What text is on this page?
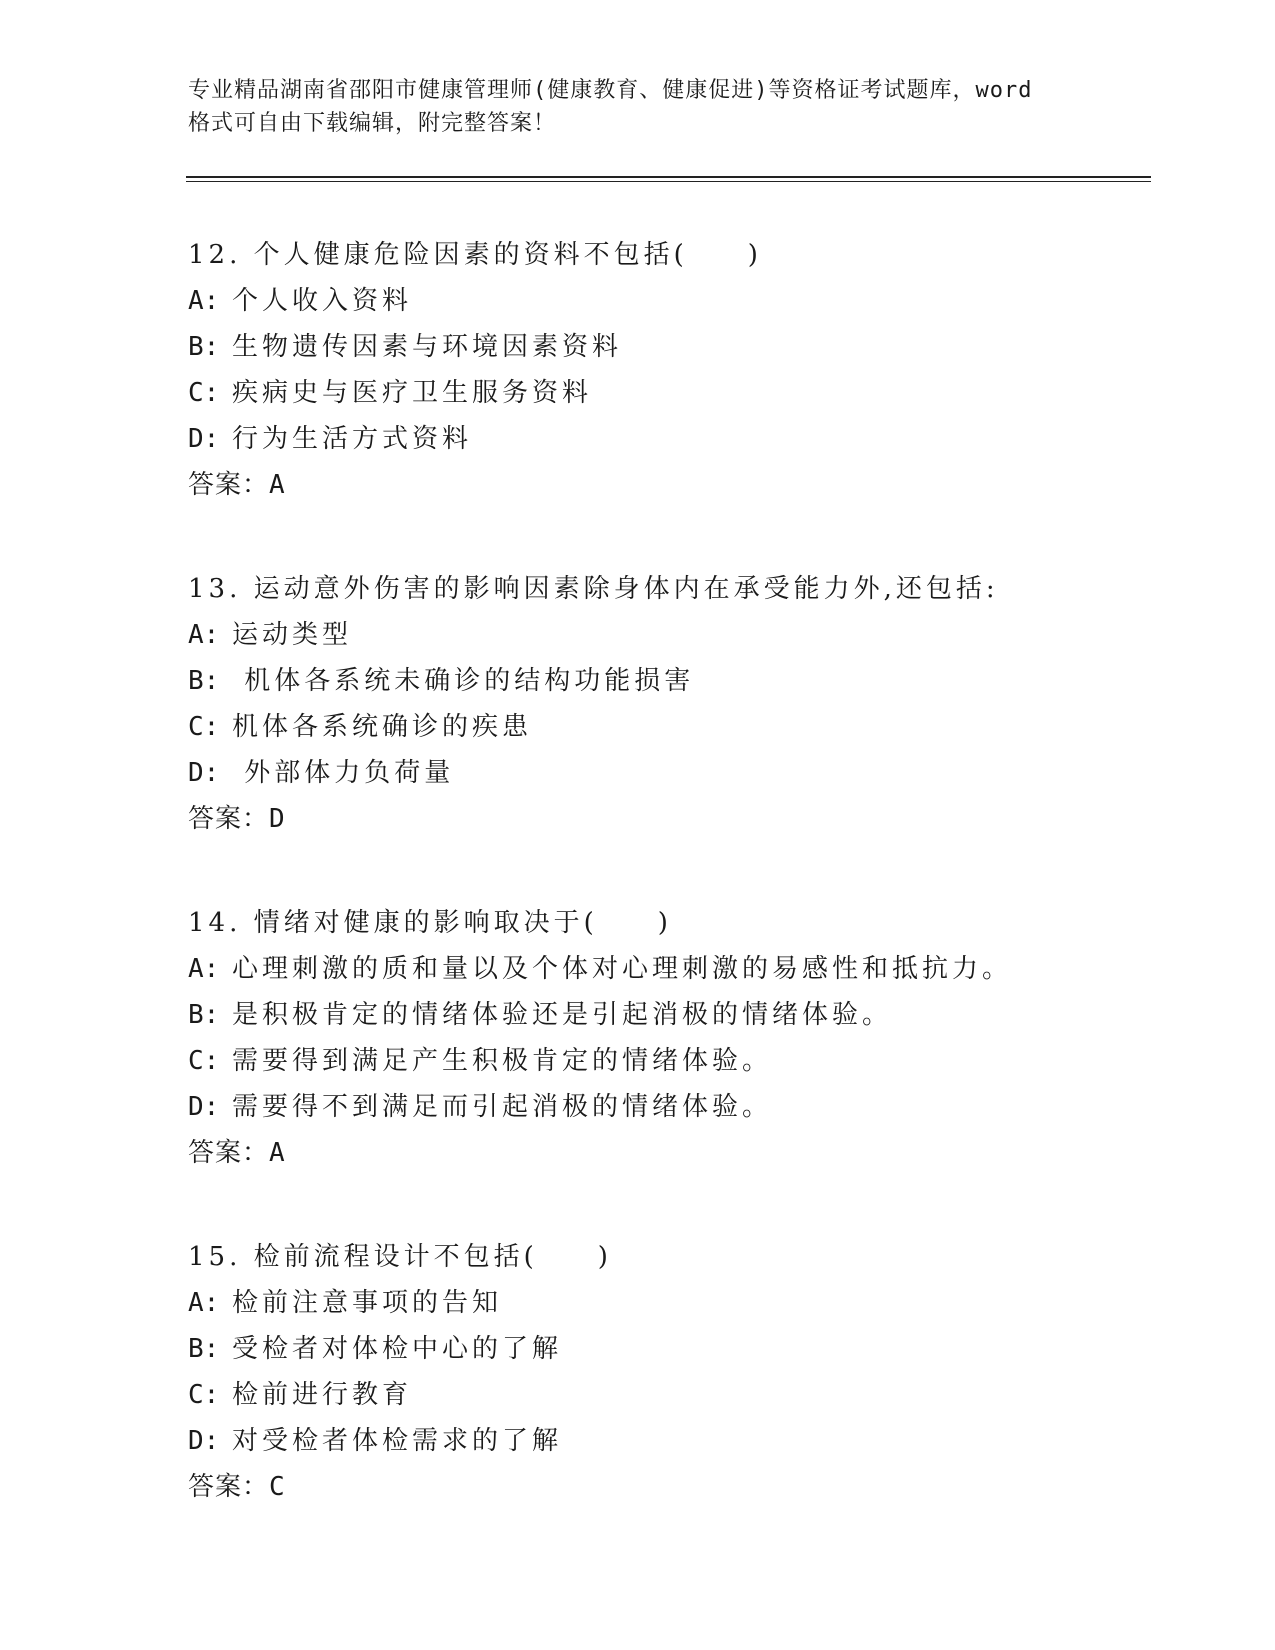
专业精品湖南省邵阳市健康管理师(健康教育、健康促进)等资格证考试题库，word
格式可自由下载编辑，附完整答案！
12. 个人健康危险因素的资料不包括(　　)
A: 个人收入资料
B: 生物遗传因素与环境因素资料
C: 疾病史与医疗卫生服务资料
D: 行为生活方式资料
答案：A
13. 运动意外伤害的影响因素除身体内在承受能力外,还包括:
A: 运动类型
B: 机体各系统未确诊的结构功能损害
C: 机体各系统确诊的疾患
D: 外部体力负荷量
答案：D
14. 情绪对健康的影响取决于(　　)
A: 心理刺激的质和量以及个体对心理刺激的易感性和抵抗力。
B: 是积极肯定的情绪体验还是引起消极的情绪体验。
C: 需要得到满足产生积极肯定的情绪体验。
D: 需要得不到满足而引起消极的情绪体验。
答案：A
15. 检前流程设计不包括(　　)
A: 检前注意事项的告知
B: 受检者对体检中心的了解
C: 检前进行教育
D: 对受检者体检需求的了解
答案：C
